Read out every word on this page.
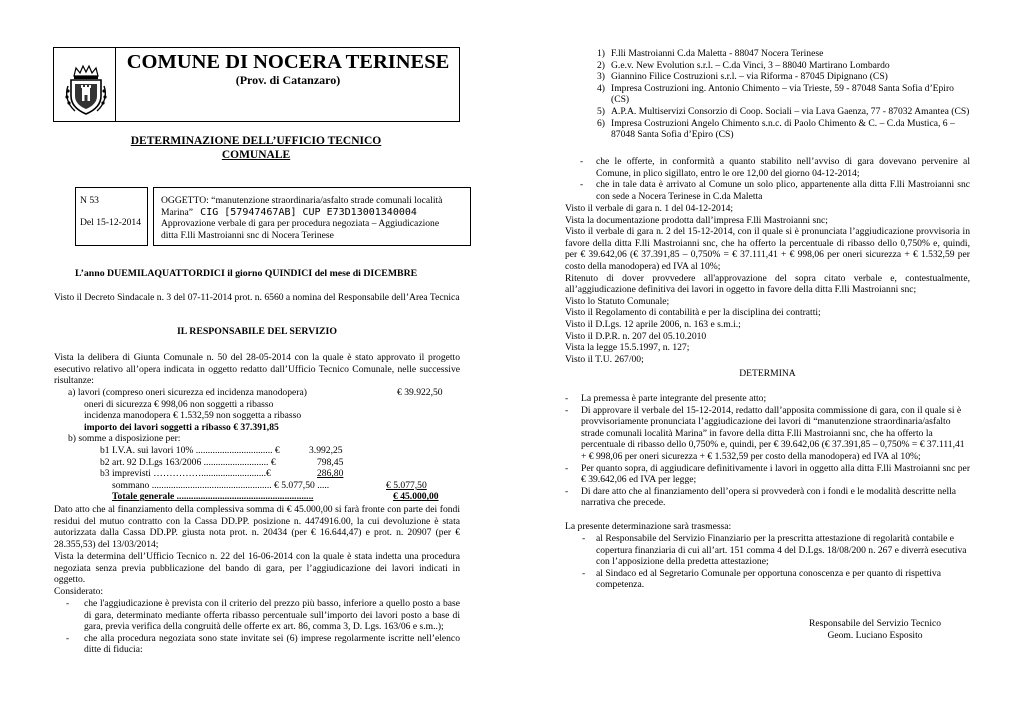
COMUNE DI NOCERA TERINESE
(Prov. di Catanzaro)
DETERMINAZIONE DELL’UFFICIO TECNICO
COMUNALE
N 53
Del 15-12-2014
OGGETTO: “manutenzione straordinaria/asfalto strade comunali località
Marina” CIG [57947467AB] CUP E73D13001340004
Approvazione verbale di gara per procedura negoziata – Aggiudicazione
ditta F.lli Mastroianni snc di Nocera Terinese
L’anno DUEMILAQUATTORDICI il giorno QUINDICI del mese di DICEMBRE
Visto il Decreto Sindacale n. 3 del 07-11-2014 prot. n. 6560 a nomina del Responsabile dell’Area Tecnica
IL RESPONSABILE DEL SERVIZIO
Vista la delibera di Giunta Comunale n. 50 del 28-05-2014 con la quale è stato approvato il progetto esecutivo relativo all’opera indicata in oggetto redatto dall’Ufficio Tecnico Comunale, nelle successive risultanze:
a) lavori (compreso oneri sicurezza ed incidenza manodopera)	€ 39.922,50
oneri di sicurezza € 998,06 non soggetti a ribasso
incidenza manodopera € 1.532,59 non soggetta a ribasso
importo dei lavori soggetti a ribasso € 37.391,85
b) somme a disposizione per:
b1 I.V.A. sui lavori 10% ................................ €	3.992,25
b2 art. 92 D.Lgs 163/2006 ........................... €	798,45
b3 imprevisti ……………...........................€	286,80
sommano .................................................. € 5.077,50 .....	€ 5.077,50
Totale generale .........................................................	€ 45.000,00
Dato atto che al finanziamento della complessiva somma di € 45.000,00 si farà fronte con parte dei fondi residui del mutuo contratto con la Cassa DD.PP. posizione n. 4474916.00, la cui devoluzione è stata autorizzata dalla Cassa DD.PP. giusta nota prot. n. 20434 (per € 16.644,47) e prot. n. 20907 (per € 28.355,53) del 13/03/2014;
Vista la determina dell’Ufficio Tecnico n. 22 del 16-06-2014 con la quale è stata indetta una procedura negoziata senza previa pubblicazione del bando di gara, per l’aggiudicazione dei lavori indicati in oggetto.
Considerato:
-	che l'aggiudicazione è prevista con il criterio del prezzo più basso, inferiore a quello posto a base di gara, determinato mediante offerta ribasso percentuale sull’importo dei lavori posto a base di gara, previa verifica della congruità delle offerte ex art. 86, comma 3, D. Lgs. 163/06 e s.m..);
-	che alla procedura negoziata sono state invitate sei (6) imprese regolarmente iscritte nell’elenco ditte di fiducia:
1) F.lli Mastroianni C.da Maletta - 88047 Nocera Terinese
2) G.e.v. New Evolution s.r.l. – C.da Vinci, 3 – 88040 Martirano Lombardo
3) Giannino Filice Costruzioni s.r.l. – via Riforma - 87045 Dipignano (CS)
4) Impresa Costruzioni ing. Antonio Chimento – via Trieste, 59 - 87048 Santa Sofia d’Epiro (CS)
5) A.P.A. Multiservizi Consorzio di Coop. Sociali – via Lava Gaenza, 77 - 87032 Amantea (CS)
6) Impresa Costruzioni Angelo Chimento s.n.c. di Paolo Chimento & C. – C.da Mustica, 6 – 87048 Santa Sofia d’Epiro (CS)
-	che le offerte, in conformità a quanto stabilito nell’avviso di gara dovevano pervenire al Comune, in plico sigillato, entro le ore 12,00 del giorno 04-12-2014;
-	che in tale data è arrivato al Comune un solo plico, appartenente alla ditta F.lli Mastroianni snc con sede a Nocera Terinese in C.da Maletta
Visto il verbale di gara n. 1 del 04-12-2014;
Vista la documentazione prodotta dall’impresa F.lli Mastroianni snc;
Visto il verbale di gara n. 2 del 15-12-2014, con il quale si è pronunciata l’aggiudicazione provvisoria in favore della ditta F.lli Mastroianni snc, che ha offerto la percentuale di ribasso dello 0,750% e, quindi, per € 39.642,06 (€ 37.391,85 – 0,750% = € 37.111,41 + € 998,06 per oneri sicurezza + € 1.532,59 per costo della manodopera) ed IVA al 10%;
Ritenuto di dover provvedere all'approvazione del sopra citato verbale e, contestualmente, all’aggiudicazione definitiva dei lavori in oggetto in favore della ditta F.lli Mastroianni snc;
Visto lo Statuto Comunale;
Visto il Regolamento di contabilità e per la disciplina dei contratti;
Visto il D.Lgs. 12 aprile 2006, n. 163 e s.m.i.;
Visto il D.P.R. n. 207 del 05.10.2010
Vista la legge 15.5.1997, n. 127;
Visto il T.U. 267/00;
DETERMINA
-	La premessa è parte integrante del presente atto;
-	Di approvare il verbale del 15-12-2014, redatto dall’apposita commissione di gara, con il quale si è provvisoriamente pronunciata l’aggiudicazione dei lavori di “manutenzione straordinaria/asfalto strade comunali località Marina” in favore della ditta F.lli Mastroianni snc, che ha offerto la percentuale di ribasso dello 0,750% e, quindi, per € 39.642,06 (€ 37.391,85 – 0,750% = € 37.111,41 + € 998,06 per oneri sicurezza + € 1.532,59 per costo della manodopera) ed IVA al 10%;
-	Per quanto sopra, di aggiudicare definitivamente i lavori in oggetto alla ditta F.lli Mastroianni snc per € 39.642,06 ed IVA per legge;
-	Di dare atto che al finanziamento dell’opera si provvederà con i fondi e le modalità descritte nella narrativa che precede.
La presente determinazione sarà trasmessa:
-	al Responsabile del Servizio Finanziario per la prescritta attestazione di regolarità contabile e copertura finanziaria di cui all’art. 151 comma 4 del D.Lgs. 18/08/200 n. 267 e diverrà esecutiva con l’apposizione della predetta attestazione;
-	al Sindaco ed al Segretario Comunale per opportuna conoscenza e per quanto di rispettiva competenza.
Responsabile del Servizio Tecnico
Geom. Luciano Esposito
